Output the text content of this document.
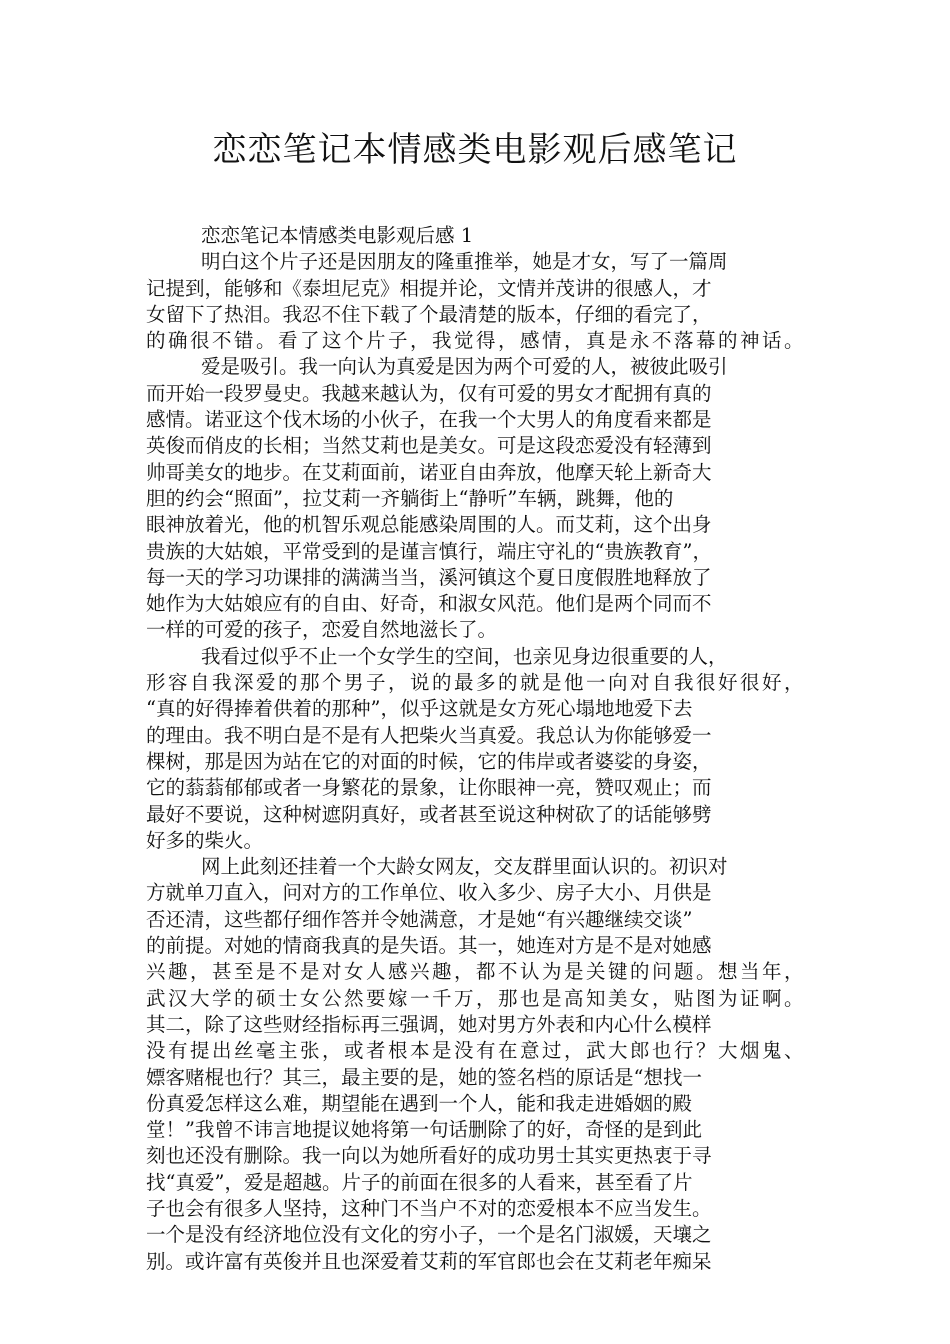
恋恋笔记本情感类电影观后感笔记

恋恋笔记本情感类电影观后感 1

明白这个片子还是因朋友的隆重推举，她是才女，写了一篇周
记提到，能够和《泰坦尼克》相提并论，文情并茂讲的很感人，才
女留下了热泪。我忍不住下载了个最清楚的版本，仔细的看完了，
的确很不错。看了这个片子，我觉得，感情，真是永不落幕的神话。
爱是吸引。我一向认为真爱是因为两个可爱的人，被彼此吸引
而开始一段罗曼史。我越来越认为，仅有可爱的男女才配拥有真的
感情。诺亚这个伐木场的小伙子，在我一个大男人的角度看来都是
英俊而俏皮的长相；当然艾莉也是美女。可是这段恋爱没有轻薄到
帅哥美女的地步。在艾莉面前，诺亚自由奔放，他摩天轮上新奇大
胆的约会“照面”，拉艾莉一齐躺街上“静听”车辆，跳舞，他的
眼神放着光，他的机智乐观总能感染周围的人。而艾莉，这个出身
贵族的大姑娘，平常受到的是谨言慎行，端庄守礼的“贵族教育”，
每一天的学习功课排的满满当当，溪河镇这个夏日度假胜地释放了
她作为大姑娘应有的自由、好奇，和淑女风范。他们是两个同而不
一样的可爱的孩子，恋爱自然地滋长了。
我看过似乎不止一个女学生的空间，也亲见身边很重要的人，
形容自我深爱的那个男子，说的最多的就是他一向对自我很好很好，
“真的好得捧着供着的那种”，似乎这就是女方死心塌地地爱下去
的理由。我不明白是不是有人把柴火当真爱。我总认为你能够爱一
棵树，那是因为站在它的对面的时候，它的伟岸或者婆娑的身姿，
它的蓊蓊郁郁或者一身繁花的景象，让你眼神一亮，赞叹观止；而
最好不要说，这种树遮阴真好，或者甚至说这种树砍了的话能够劈
好多的柴火。
网上此刻还挂着一个大龄女网友，交友群里面认识的。初识对
方就单刀直入，问对方的工作单位、收入多少、房子大小、月供是
否还清，这些都仔细作答并令她满意，才是她“有兴趣继续交谈”
的前提。对她的情商我真的是失语。其一，她连对方是不是对她感
兴趣，甚至是不是对女人感兴趣，都不认为是关键的问题。想当年，
武汉大学的硕士女公然要嫁一千万，那也是高知美女，贴图为证啊。
其二，除了这些财经指标再三强调，她对男方外表和内心什么模样
没有提出丝毫主张，或者根本是没有在意过，武大郎也行？大烟鬼、
嫖客赌棍也行？其三，最主要的是，她的签名档的原话是“想找一
份真爱怎样这么难，期望能在遇到一个人，能和我走进婚姻的殿
堂！”我曾不讳言地提议她将第一句话删除了的好，奇怪的是到此
刻也还没有删除。我一向以为她所看好的成功男士其实更热衷于寻
找“真爱”，爱是超越。片子的前面在很多的人看来，甚至看了片
子也会有很多人坚持，这种门不当户不对的恋爱根本不应当发生。
一个是没有经济地位没有文化的穷小子，一个是名门淑媛，天壤之
别。或许富有英俊并且也深爱着艾莉的军官郎也会在艾莉老年痴呆
